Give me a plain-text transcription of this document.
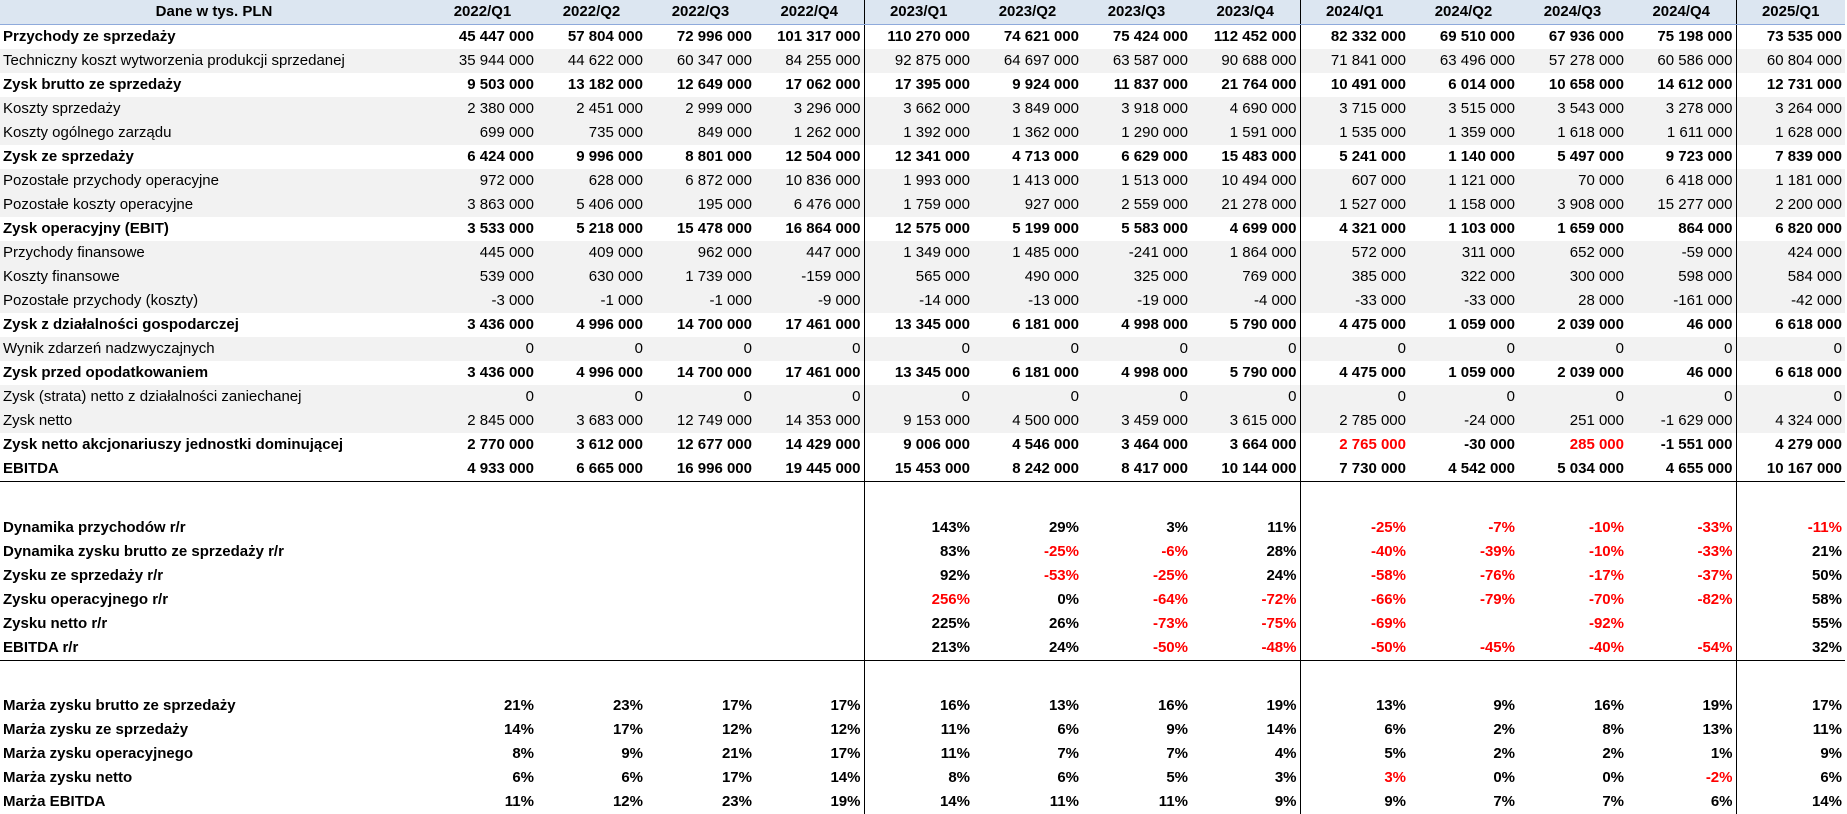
Dane w tys. PLN	2022/Q1	2022/Q2	2022/Q3	2022/Q4	2023/Q1	2023/Q2	2023/Q3	2023/Q4	2024/Q1	2024/Q2	2024/Q3	2024/Q4	2025/Q1
Przychody ze sprzedaży	45 447 000	57 804 000	72 996 000	101 317 000	110 270 000	74 621 000	75 424 000	112 452 000	82 332 000	69 510 000	67 936 000	75 198 000	73 535 000
Techniczny koszt wytworzenia produkcji sprzedanej	35 944 000	44 622 000	60 347 000	84 255 000	92 875 000	64 697 000	63 587 000	90 688 000	71 841 000	63 496 000	57 278 000	60 586 000	60 804 000
Zysk brutto ze sprzedaży	9 503 000	13 182 000	12 649 000	17 062 000	17 395 000	9 924 000	11 837 000	21 764 000	10 491 000	6 014 000	10 658 000	14 612 000	12 731 000
Koszty sprzedaży	2 380 000	2 451 000	2 999 000	3 296 000	3 662 000	3 849 000	3 918 000	4 690 000	3 715 000	3 515 000	3 543 000	3 278 000	3 264 000
Koszty ogólnego zarządu	699 000	735 000	849 000	1 262 000	1 392 000	1 362 000	1 290 000	1 591 000	1 535 000	1 359 000	1 618 000	1 611 000	1 628 000
Zysk ze sprzedaży	6 424 000	9 996 000	8 801 000	12 504 000	12 341 000	4 713 000	6 629 000	15 483 000	5 241 000	1 140 000	5 497 000	9 723 000	7 839 000
Pozostałe przychody operacyjne	972 000	628 000	6 872 000	10 836 000	1 993 000	1 413 000	1 513 000	10 494 000	607 000	1 121 000	70 000	6 418 000	1 181 000
Pozostałe koszty operacyjne	3 863 000	5 406 000	195 000	6 476 000	1 759 000	927 000	2 559 000	21 278 000	1 527 000	1 158 000	3 908 000	15 277 000	2 200 000
Zysk operacyjny (EBIT)	3 533 000	5 218 000	15 478 000	16 864 000	12 575 000	5 199 000	5 583 000	4 699 000	4 321 000	1 103 000	1 659 000	864 000	6 820 000
Przychody finansowe	445 000	409 000	962 000	447 000	1 349 000	1 485 000	-241 000	1 864 000	572 000	311 000	652 000	-59 000	424 000
Koszty finansowe	539 000	630 000	1 739 000	-159 000	565 000	490 000	325 000	769 000	385 000	322 000	300 000	598 000	584 000
Pozostałe przychody (koszty)	-3 000	-1 000	-1 000	-9 000	-14 000	-13 000	-19 000	-4 000	-33 000	-33 000	28 000	-161 000	-42 000
Zysk z działalności gospodarczej	3 436 000	4 996 000	14 700 000	17 461 000	13 345 000	6 181 000	4 998 000	5 790 000	4 475 000	1 059 000	2 039 000	46 000	6 618 000
Wynik zdarzeń nadzwyczajnych	0	0	0	0	0	0	0	0	0	0	0	0	0
Zysk przed opodatkowaniem	3 436 000	4 996 000	14 700 000	17 461 000	13 345 000	6 181 000	4 998 000	5 790 000	4 475 000	1 059 000	2 039 000	46 000	6 618 000
Zysk (strata) netto z działalności zaniechanej	0	0	0	0	0	0	0	0	0	0	0	0	0
Zysk netto	2 845 000	3 683 000	12 749 000	14 353 000	9 153 000	4 500 000	3 459 000	3 615 000	2 785 000	-24 000	251 000	-1 629 000	4 324 000
Zysk netto akcjonariuszy jednostki dominującej	2 770 000	3 612 000	12 677 000	14 429 000	9 006 000	4 546 000	3 464 000	3 664 000	2 765 000	-30 000	285 000	-1 551 000	4 279 000
EBITDA	4 933 000	6 665 000	16 996 000	19 445 000	15 453 000	8 242 000	8 417 000	10 144 000	7 730 000	4 542 000	5 034 000	4 655 000	10 167 000

Dynamika przychodów r/r					143%	29%	3%	11%	-25%	-7%	-10%	-33%	-11%
Dynamika zysku brutto ze sprzedaży r/r					83%	-25%	-6%	28%	-40%	-39%	-10%	-33%	21%
Zysku ze sprzedaży r/r					92%	-53%	-25%	24%	-58%	-76%	-17%	-37%	50%
Zysku operacyjnego r/r					256%	0%	-64%	-72%	-66%	-79%	-70%	-82%	58%
Zysku netto r/r					225%	26%	-73%	-75%	-69%		-92%		55%
EBITDA r/r					213%	24%	-50%	-48%	-50%	-45%	-40%	-54%	32%

Marża zysku brutto ze sprzedaży	21%	23%	17%	17%	16%	13%	16%	19%	13%	9%	16%	19%	17%
Marża zysku ze sprzedaży	14%	17%	12%	12%	11%	6%	9%	14%	6%	2%	8%	13%	11%
Marża zysku operacyjnego	8%	9%	21%	17%	11%	7%	7%	4%	5%	2%	2%	1%	9%
Marża zysku netto	6%	6%	17%	14%	8%	6%	5%	3%	3%	0%	0%	-2%	6%
Marża EBITDA	11%	12%	23%	19%	14%	11%	11%	9%	9%	7%	7%	6%	14%
